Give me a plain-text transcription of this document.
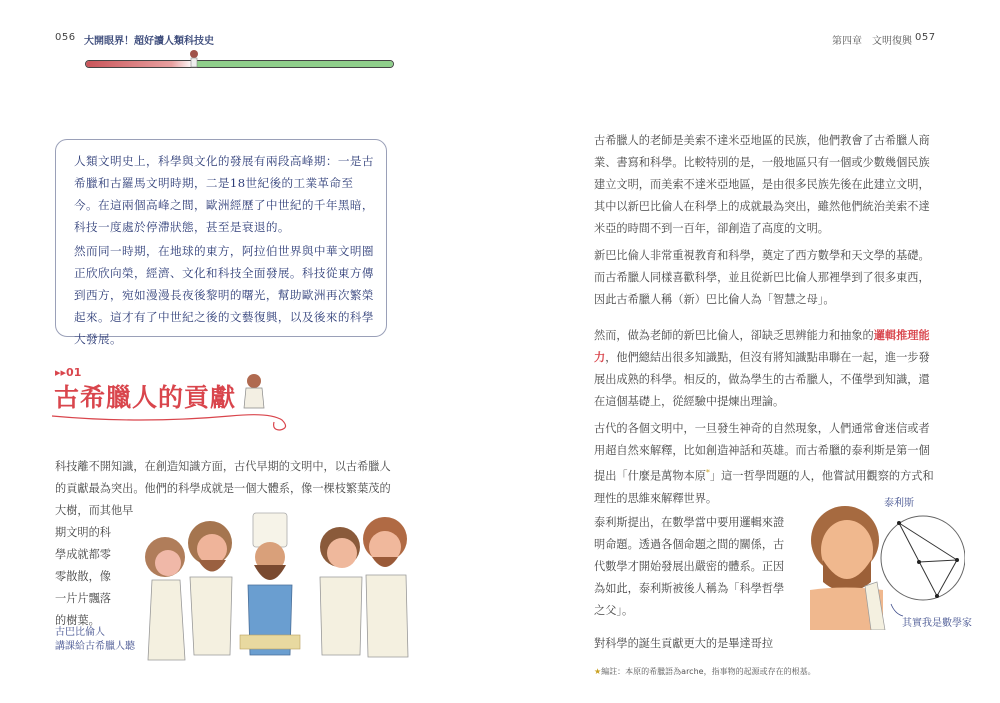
056 大開眼界！超好讀人類科技史	第四章　文明復興 057
人類文明史上，科學與文化的發展有兩段高峰期：一是古希臘和古羅馬文明時期，二是18世紀後的工業革命至今。在這兩個高峰之間，歐洲經歷了中世紀的千年黑暗，科技一度處於停滯狀態，甚至是衰退的。
然而同一時期，在地球的東方，阿拉伯世界與中華文明圈正欣欣向榮，經濟、文化和科技全面發展。科技從東方傳到西方，宛如漫漫長夜後黎明的曙光，幫助歐洲再次繁榮起來。這才有了中世紀之後的文藝復興，以及後來的科學大發展。
▸▸01
古希臘人的貢獻
科技離不開知識，在創造知識方面，古代早期的文明中，以古希臘人
的貢獻最為突出。他們的科學成就是一個大體系，像一棵枝繁葉茂的
大樹，而其他早
期文明的科
學成就都零
零散散，像
一片片飄落
的樹葉。
古巴比倫人
講課給古希臘人聽
古希臘人的老師是美索不達米亞地區的民族，他們教會了古希臘人商
業、書寫和科學。比較特別的是，一般地區只有一個或少數幾個民族
建立文明，而美索不達米亞地區，是由很多民族先後在此建立文明，
其中以新巴比倫人在科學上的成就最為突出，雖然他們統治美索不達
米亞的時間不到一百年，卻創造了高度的文明。
新巴比倫人非常重視教育和科學，奠定了西方數學和天文學的基礎。
而古希臘人同樣喜歡科學，並且從新巴比倫人那裡學到了很多東西，
因此古希臘人稱（新）巴比倫人為「智慧之母」。
然而，做為老師的新巴比倫人，卻缺乏思辨能力和抽象的邏輯推理能
力，他們總結出很多知識點，但沒有將知識點串聯在一起，進一步發
展出成熟的科學。相反的，做為學生的古希臘人，不僅學到知識，還
在這個基礎上，從經驗中提煉出理論。
古代的各個文明中，一旦發生神奇的自然現象，人們通常會迷信或者
用超自然來解釋，比如創造神話和英雄。而古希臘的泰利斯是第一個
提出「什麼是萬物本原*」這一哲學問題的人，他嘗試用觀察的方式和
理性的思維來解釋世界。
泰利斯提出，在數學當中要用邏輯來證
明命題。透過各個命題之間的關係，古
代數學才開始發展出嚴密的體系。正因
為如此，泰利斯被後人稱為「科學哲學
之父」。
對科學的誕生貢獻更大的是畢達哥拉
泰利斯
其實我是數學家
★編註：本原的希臘語為arche，指事物的起源或存在的根基。
